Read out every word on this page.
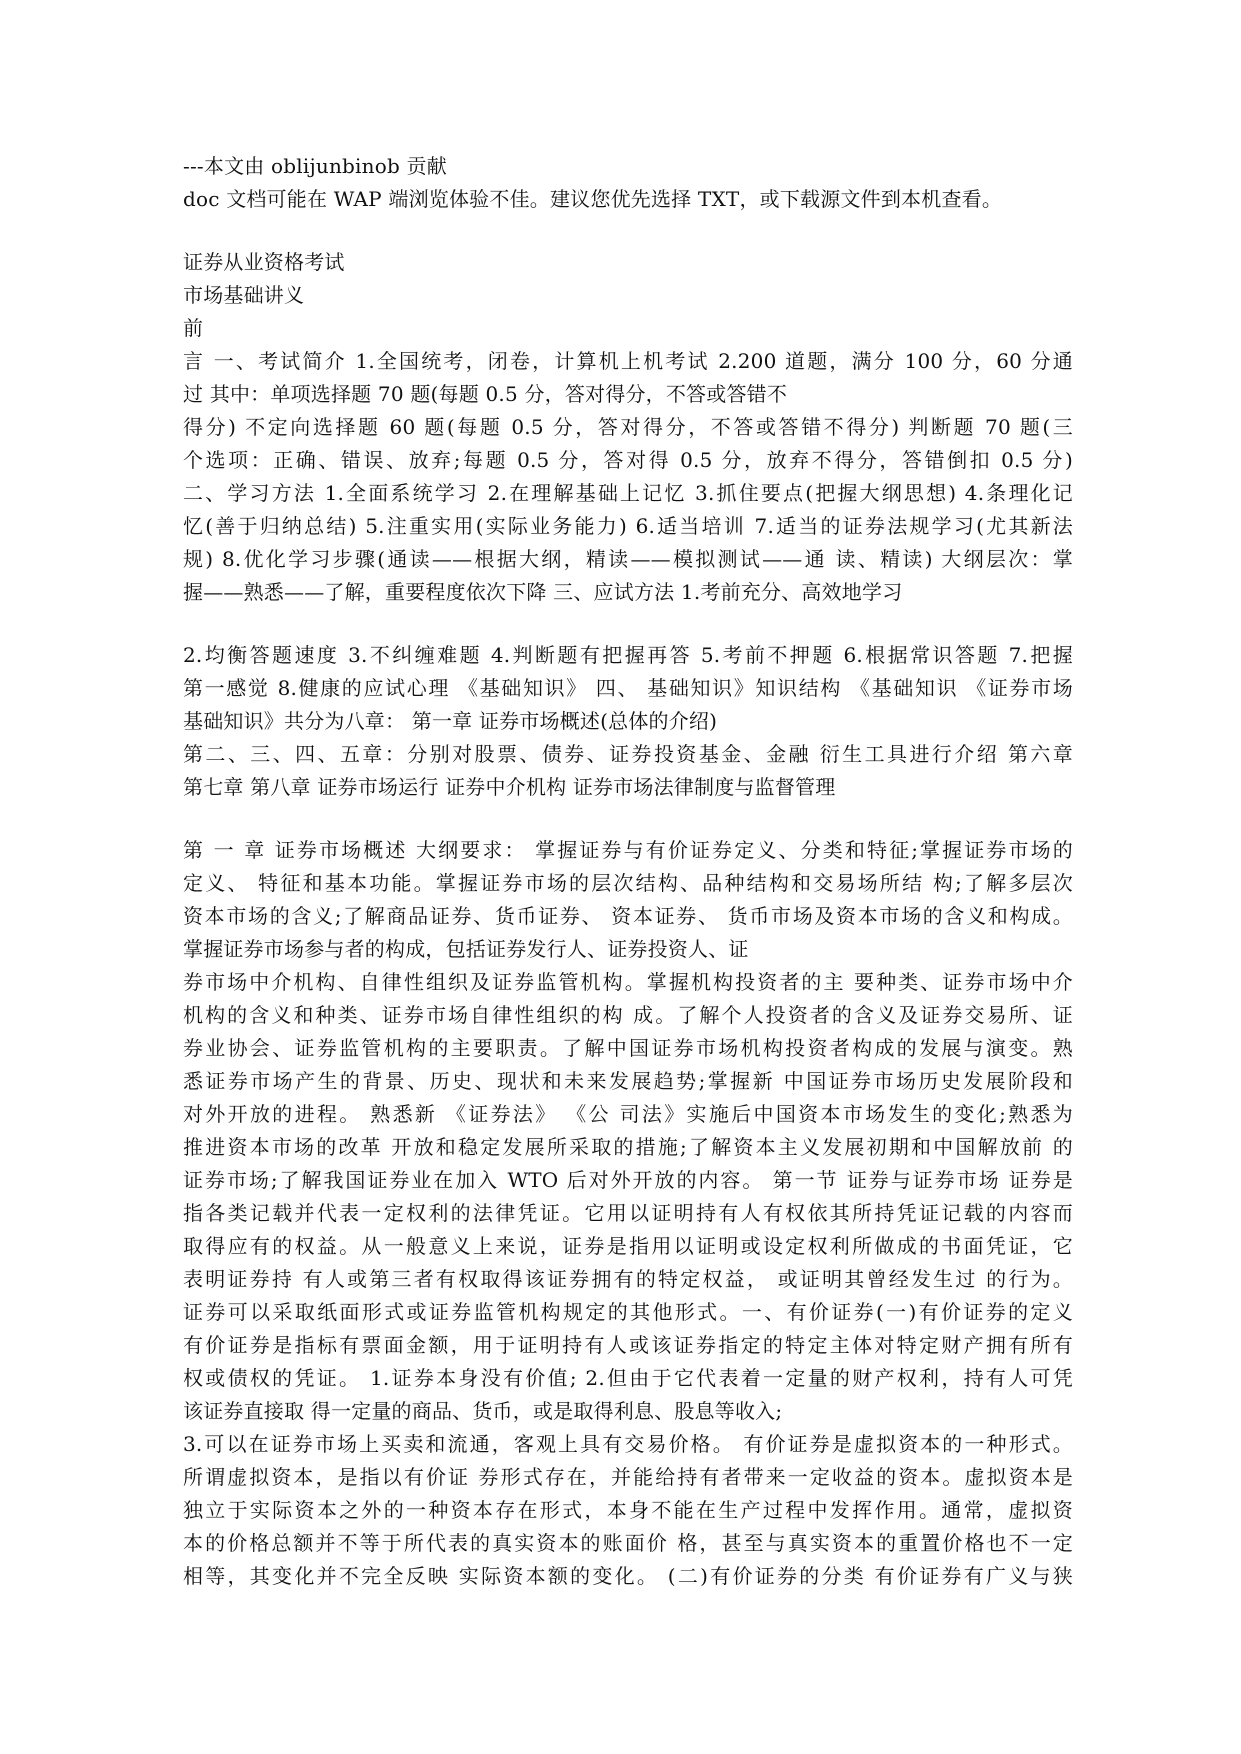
---本文由 oblijunbinob 贡献
doc 文档可能在 WAP 端浏览体验不佳。建议您优先选择 TXT，或下载源文件到本机查看。
证券从业资格考试
市场基础讲义
前
言 一、考试简介 1.全国统考，闭卷，计算机上机考试 2.200 道题，满分 100 分，60 分通
过 其中：单项选择题 70 题(每题 0.5 分，答对得分，不答或答错不
得分) 不定向选择题 60 题(每题 0.5 分，答对得分，不答或答错不得分) 判断题 70 题(三
个选项：正确、错误、放弃;每题 0.5 分，答对得 0.5 分，放弃不得分，答错倒扣 0.5 分)
二、学习方法 1.全面系统学习 2.在理解基础上记忆 3.抓住要点(把握大纲思想) 4.条理化记
忆(善于归纳总结) 5.注重实用(实际业务能力) 6.适当培训 7.适当的证券法规学习(尤其新法
规) 8.优化学习步骤(通读——根据大纲，精读——模拟测试——通 读、精读) 大纲层次：掌
握——熟悉——了解，重要程度依次下降 三、应试方法 1.考前充分、高效地学习
2.均衡答题速度 3.不纠缠难题 4.判断题有把握再答 5.考前不押题 6.根据常识答题 7.把握
第一感觉 8.健康的应试心理 《基础知识》 四、 基础知识》知识结构 《基础知识 《证券市场
基础知识》共分为八章： 第一章 证券市场概述(总体的介绍)
第二、三、四、五章：分别对股票、债券、证券投资基金、金融 衍生工具进行介绍 第六章
第七章 第八章 证券市场运行 证券中介机构 证券市场法律制度与监督管理
第 一 章 证券市场概述 大纲要求： 掌握证券与有价证券定义、分类和特征;掌握证券市场的
定义、 特征和基本功能。掌握证券市场的层次结构、品种结构和交易场所结 构;了解多层次
资本市场的含义;了解商品证券、货币证券、 资本证券、 货币市场及资本市场的含义和构成。
掌握证券市场参与者的构成，包括证券发行人、证券投资人、证
券市场中介机构、自律性组织及证券监管机构。掌握机构投资者的主 要种类、证券市场中介
机构的含义和种类、证券市场自律性组织的构 成。了解个人投资者的含义及证券交易所、证
券业协会、证券监管机构的主要职责。了解中国证券市场机构投资者构成的发展与演变。熟
悉证券市场产生的背景、历史、现状和未来发展趋势;掌握新 中国证券市场历史发展阶段和
对外开放的进程。 熟悉新 《证券法》 《公 司法》实施后中国资本市场发生的变化;熟悉为
推进资本市场的改革 开放和稳定发展所采取的措施;了解资本主义发展初期和中国解放前 的
证券市场;了解我国证券业在加入 WTO 后对外开放的内容。 第一节 证券与证券市场 证券是
指各类记载并代表一定权利的法律凭证。它用以证明持有人有权依其所持凭证记载的内容而
取得应有的权益。从一般意义上来说，证券是指用以证明或设定权利所做成的书面凭证，它
表明证券持 有人或第三者有权取得该证券拥有的特定权益， 或证明其曾经发生过 的行为。
证券可以采取纸面形式或证券监管机构规定的其他形式。一、有价证券(一)有价证券的定义
有价证券是指标有票面金额，用于证明持有人或该证券指定的特定主体对特定财产拥有所有
权或债权的凭证。 1.证券本身没有价值; 2.但由于它代表着一定量的财产权利，持有人可凭
该证券直接取 得一定量的商品、货币，或是取得利息、股息等收入;
3.可以在证券市场上买卖和流通，客观上具有交易价格。 有价证券是虚拟资本的一种形式。
所谓虚拟资本，是指以有价证 券形式存在，并能给持有者带来一定收益的资本。虚拟资本是
独立于实际资本之外的一种资本存在形式，本身不能在生产过程中发挥作用。通常，虚拟资
本的价格总额并不等于所代表的真实资本的账面价 格，甚至与真实资本的重置价格也不一定
相等，其变化并不完全反映 实际资本额的变化。 (二)有价证券的分类 有价证券有广义与狭
